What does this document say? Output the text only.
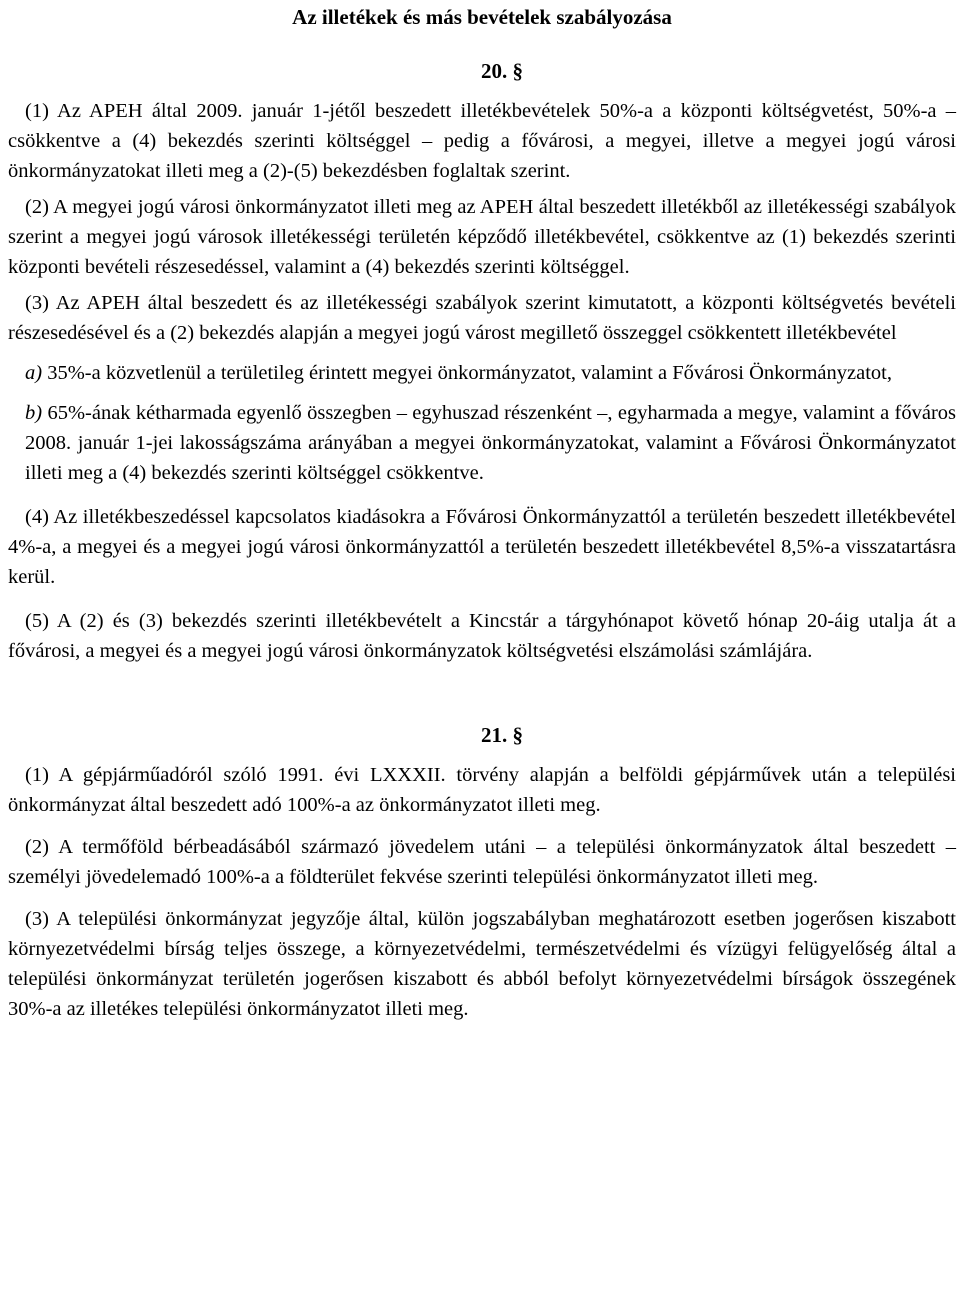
Az illetékek és más bevételek szabályozása
20. §

(1) Az APEH által 2009. január 1-jétől beszedett illetékbevételek 50%-a a központi költségvetést, 50%-a – csökkentve a (4) bekezdés szerinti költséggel – pedig a fővárosi, a megyei, illetve a megyei jogú városi önkormányzatokat illeti meg a (2)-(5) bekezdésben foglaltak szerint.

(2) A megyei jogú városi önkormányzatot illeti meg az APEH által beszedett illetékből az illetékességi szabályok szerint a megyei jogú városok illetékességi területén képződő illetékbevétel, csökkentve az (1) bekezdés szerinti központi bevételi részesedéssel, valamint a (4) bekezdés szerinti költséggel.

(3) Az APEH által beszedett és az illetékességi szabályok szerint kimutatott, a központi költségvetés bevételi részesedésével és a (2) bekezdés alapján a megyei jogú várost megillető összeggel csökkentett illetékbevétel

a) 35%-a közvetlenül a területileg érintett megyei önkormányzatot, valamint a Fővárosi Önkormányzatot,

b) 65%-ának kétharmada egyenlő összegben – egyhuszad részenként –, egyharmada a megye, valamint a főváros 2008. január 1-jei lakosságszáma arányában a megyei önkormányzatokat, valamint a Fővárosi Önkormányzatot illeti meg a (4) bekezdés szerinti költséggel csökkentve.

(4) Az illetékbeszedéssel kapcsolatos kiadásokra a Fővárosi Önkormányzattól a területén beszedett illetékbevétel 4%-a, a megyei és a megyei jogú városi önkormányzattól a területén beszedett illetékbevétel 8,5%-a visszatartásra kerül.

(5) A (2) és (3) bekezdés szerinti illetékbevételt a Kincstár a tárgyhónapot követő hónap 20-áig utalja át a fővárosi, a megyei és a megyei jogú városi önkormányzatok költségvetési elszámolási számlájára.

21. §

(1) A gépjárműadóról szóló 1991. évi LXXXII. törvény alapján a belföldi gépjárművek után a települési önkormányzat által beszedett adó 100%-a az önkormányzatot illeti meg.

(2) A termőföld bérbeadásából származó jövedelem utáni – a települési önkormányzatok által beszedett – személyi jövedelemadó 100%-a a földterület fekvése szerinti települési önkormányzatot illeti meg.

(3) A települési önkormányzat jegyzője által, külön jogszabályban meghatározott esetben jogerősen kiszabott környezetvédelmi bírság teljes összege, a környezetvédelmi, természetvédelmi és vízügyi felügyelőség által a települési önkormányzat területén jogerősen kiszabott és abból befolyt környezetvédelmi bírságok összegének 30%-a az illetékes települési önkormányzatot illeti meg.
